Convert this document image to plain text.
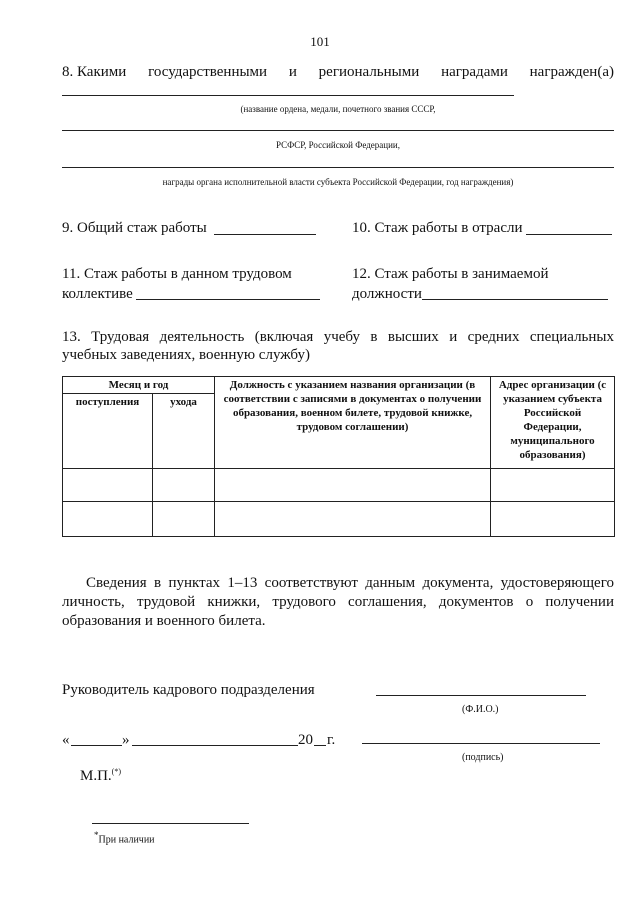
101
8. Какими государственными и региональными наградами награжден(а)
(название ордена, медали, почетного звания СССР,
РСФСР, Российской Федерации,
награды органа исполнительной власти субъекта Российской Федерации, год награждения)
9. Общий стаж работы	10. Стаж работы в отрасли
11. Стаж работы в данном трудовом
коллективе
12. Стаж работы в занимаемой
должности
13. Трудовая деятельность (включая учебу в высших и средних специальных
учебных заведениях, военную службу)
Месяц и год		Должность с указанием названия организации (в соответствии с записями в документах о получении образования, военном билете, трудовой книжке, трудовом соглашении)	Адрес организации (с указанием субъекта Российской Федерации, муниципального образования)
поступления	ухода		

Сведения в пунктах 1–13 соответствуют данным документа, удостоверяющего
личность, трудовой книжки, трудового соглашения, документов о получении
образования и военного билета.
Руководитель кадрового подразделения
(Ф.И.О.)
«	»	20 г.
(подпись)
М.П.(*)
*При наличии
